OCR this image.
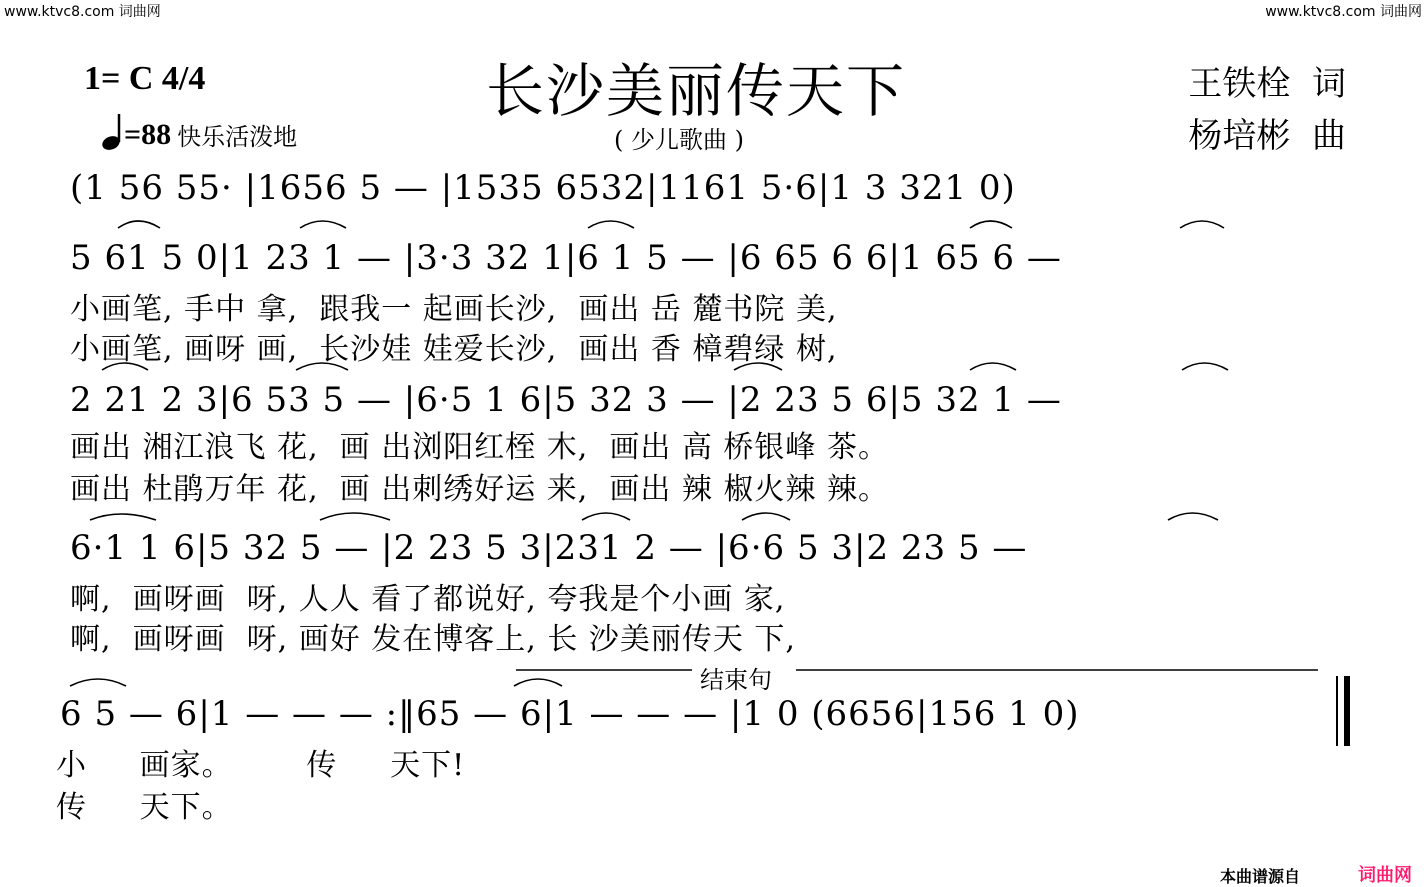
www.ktvc8.com 词曲网	www.ktvc8.com 词曲网
1= C 4/4
=88 快乐活泼地
长沙美丽传天下
( 少儿歌曲 )
王铁栓  词
杨培彬  曲
(1 56 55· |1656 5 — |1535 6532|1161 5·6|1 3 321 0)
5 61 5 0|1 23 1 — |3·3 32 1|6 1 5 — |6 65 6 6|1 65 6 —
小画笔, 手中 拿,  跟我一 起画长沙,  画出 岳 麓书院 美,
小画笔, 画呀 画,  长沙娃 娃爱长沙,  画出 香 樟碧绿 树,
2 21 2 3|6 53 5 — |6·5 1 6|5 32 3 — |2 23 5 6|5 32 1 —
画出 湘江浪飞 花,  画 出浏阳红桎 木,  画出 高 桥银峰 茶。
画出 杜鹃万年 花,  画 出刺绣好运 来,  画出 辣 椒火辣 辣。
6·1 1 6|5 32 5 — |2 23 5 3|231 2 — |6·6 5 3|2 23 5 —
啊,  画呀画  呀, 人人 看了都说好, 夸我是个小画 家,
啊,  画呀画  呀, 画好 发在博客上, 长 沙美丽传天 下,
结束句
6 5 — 6|1 — — — :‖65 — 6|1 — — — |1 0 (6656|156 1 0)
小     画家。       传     天下!
传     天下。
本曲谱源自	词曲网
